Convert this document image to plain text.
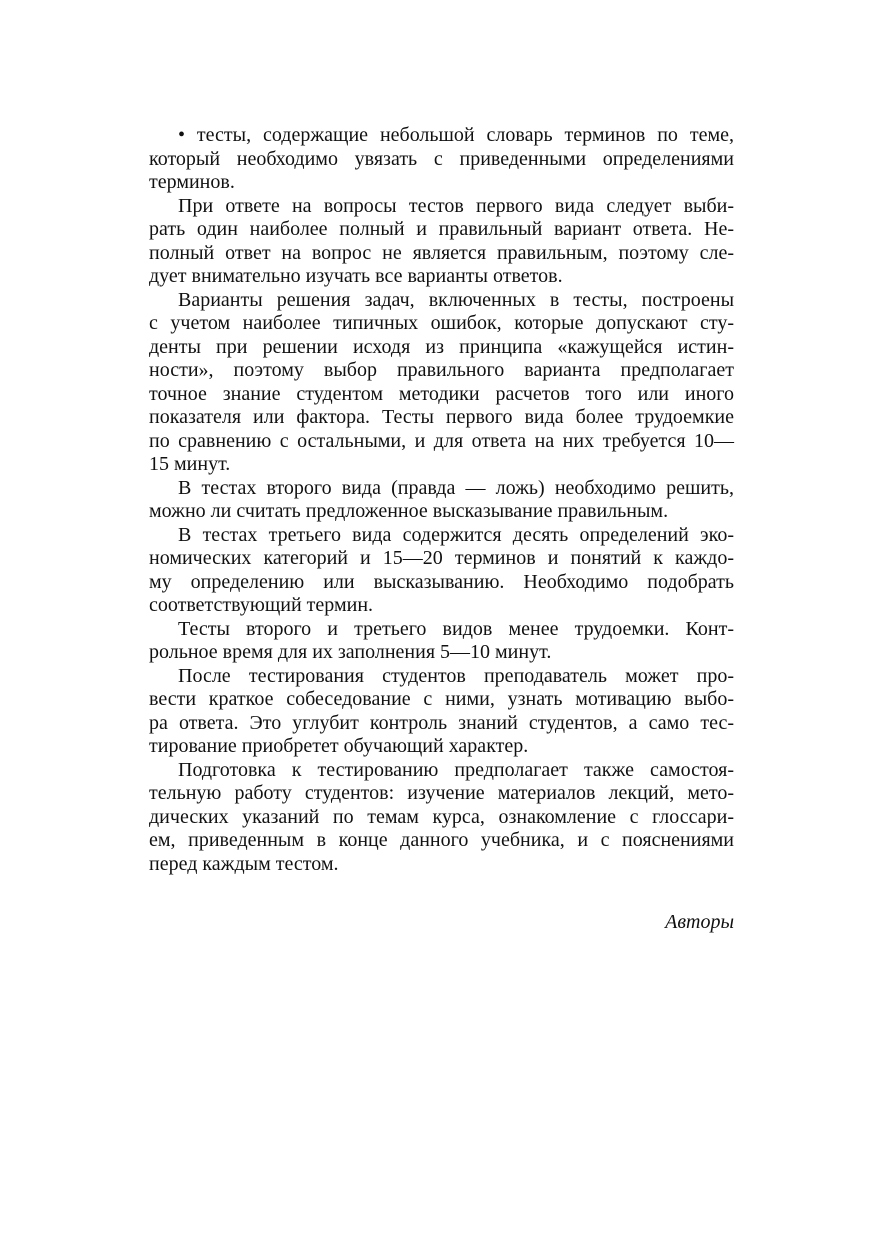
• тесты, содержащие небольшой словарь терминов по теме,
который необходимо увязать с приведенными определениями
терминов.
При ответе на вопросы тестов первого вида следует выби-
рать один наиболее полный и правильный вариант ответа. Не-
полный ответ на вопрос не является правильным, поэтому сле-
дует внимательно изучать все варианты ответов.
Варианты решения задач, включенных в тесты, построены
с учетом наиболее типичных ошибок, которые допускают сту-
денты при решении исходя из принципа «кажущейся истин-
ности», поэтому выбор правильного варианта предполагает
точное знание студентом методики расчетов того или иного
показателя или фактора. Тесты первого вида более трудоемкие
по сравнению с остальными, и для ответа на них требуется 10—
15 минут.
В тестах второго вида (правда — ложь) необходимо решить,
можно ли считать предложенное высказывание правильным.
В тестах третьего вида содержится десять определений эко-
номических категорий и 15—20 терминов и понятий к каждо-
му определению или высказыванию. Необходимо подобрать
соответствующий термин.
Тесты второго и третьего видов менее трудоемки. Конт-
рольное время для их заполнения 5—10 минут.
После тестирования студентов преподаватель может про-
вести краткое собеседование с ними, узнать мотивацию выбо-
ра ответа. Это углубит контроль знаний студентов, а само тес-
тирование приобретет обучающий характер.
Подготовка к тестированию предполагает также самостоя-
тельную работу студентов: изучение материалов лекций, мето-
дических указаний по темам курса, ознакомление с глоссари-
ем, приведенным в конце данного учебника, и с пояснениями
перед каждым тестом.
Авторы
